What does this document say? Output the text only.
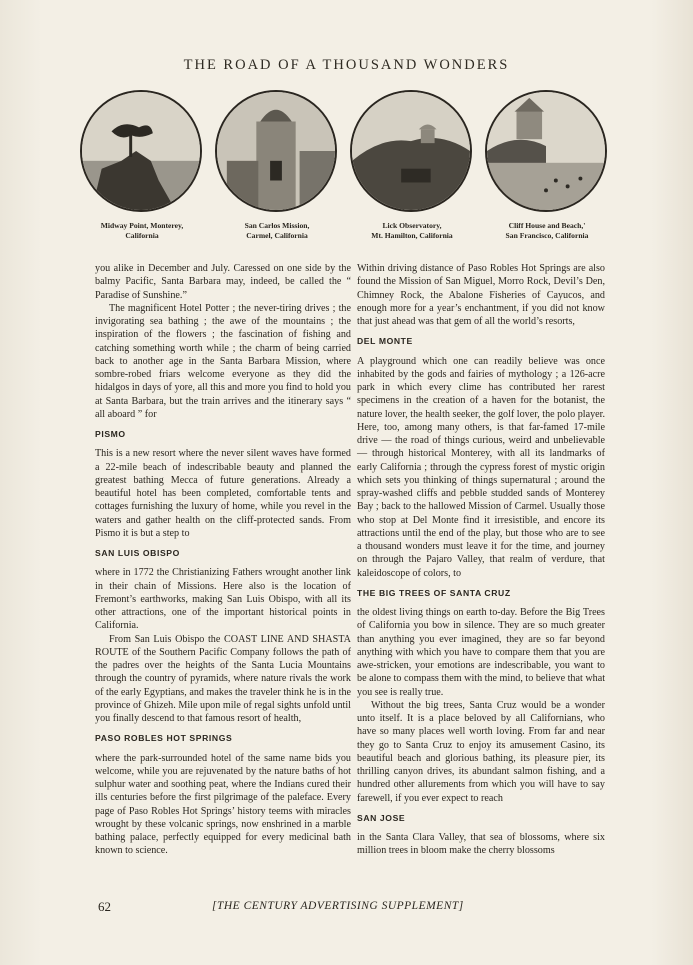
THE ROAD OF A THOUSAND WONDERS
Midway Point, Monterey,
California
San Carlos Mission,
Carmel, California
Lick Observatory,
Mt. Hamilton, California
Cliff House and Beach,'
San Francisco, California

you alike in December and July. Caressed on one side by the balmy Pacific, Santa Barbara may, indeed, be called the “ Paradise of Sunshine.”

The magnificent Hotel Potter ; the never-tiring drives ; the invigorating sea bathing ; the awe of the mountains ; the inspiration of the flowers ; the fascination of fishing and catching something worth while ; the charm of being carried back to another age in the Santa Barbara Mission, where sombre-robed friars welcome everyone as they did the hidalgos in days of yore, all this and more you find to hold you at Santa Barbara, but the train arrives and the itinerary says “ all aboard ” for

PISMO

This is a new resort where the never silent waves have formed a 22-mile beach of indescribable beauty and planned the greatest bathing Mecca of future generations. Already a beautiful hotel has been completed, comfortable tents and cottages furnishing the luxury of home, while you revel in the waters and gather health on the cliff-protected sands. From Pismo it is but a step to

SAN LUIS OBISPO

where in 1772 the Christianizing Fathers wrought another link in their chain of Missions. Here also is the location of Fremont’s earthworks, making San Luis Obispo, with all its other attractions, one of the important historical points in California.

From San Luis Obispo the COAST LINE AND SHASTA ROUTE of the Southern Pacific Company follows the path of the padres over the heights of the Santa Lucia Mountains through the country of pyramids, where nature rivals the work of the early Egyptians, and makes the traveler think he is in the province of Ghizeh. Mile upon mile of regal sights unfold until you finally descend to that famous resort of health,

PASO ROBLES HOT SPRINGS

where the park-surrounded hotel of the same name bids you welcome, while you are rejuvenated by the nature baths of hot sulphur water and soothing peat, where the Indians cured their ills centuries before the first pilgrimage of the paleface. Every page of Paso Robles Hot Springs’ history teems with miracles wrought by these volcanic springs, now enshrined in a marble bathing palace, perfectly equipped for every medicinal bath known to science.

Within driving distance of Paso Robles Hot Springs are also found the Mission of San Miguel, Morro Rock, Devil’s Den, Chimney Rock, the Abalone Fisheries of Cayucos, and enough more for a year’s enchantment, if you did not know that just ahead was that gem of all the world’s resorts,

DEL MONTE

A playground which one can readily believe was once inhabited by the gods and fairies of mythology ; a 126-acre park in which every clime has contributed her rarest specimens in the creation of a haven for the botanist, the nature lover, the health seeker, the golf lover, the polo player. Here, too, among many others, is that far-famed 17-mile drive — the road of things curious, weird and unbelievable — through historical Monterey, with all its landmarks of early California ; through the cypress forest of mystic origin which sets you thinking of things supernatural ; around the spray-washed cliffs and pebble studded sands of Monterey Bay ; back to the hallowed Mission of Carmel. Usually those who stop at Del Monte find it irresistible, and encore its attractions until the end of the play, but those who are to see a thousand wonders must leave it for the time, and journey on through the Pajaro Valley, that realm of verdure, that kaleidoscope of colors, to

THE BIG TREES OF SANTA CRUZ

the oldest living things on earth to-day. Before the Big Trees of California you bow in silence. They are so much greater than anything you ever imagined, they are so far beyond anything with which you have to compare them that you are awe-stricken, your emotions are indescribable, you want to be alone to compass them with the mind, to believe that what you see is really true.

Without the big trees, Santa Cruz would be a wonder unto itself. It is a place beloved by all Californians, who have so many places well worth loving. From far and near they go to Santa Cruz to enjoy its amusement Casino, its beautiful beach and glorious bathing, its pleasure pier, its thrilling canyon drives, its abundant salmon fishing, and a hundred other allurements from which you will have to say farewell, if you ever expect to reach

SAN JOSE

in the Santa Clara Valley, that sea of blossoms, where six million trees in bloom make the cherry blossoms

62	[THE CENTURY ADVERTISING SUPPLEMENT]
